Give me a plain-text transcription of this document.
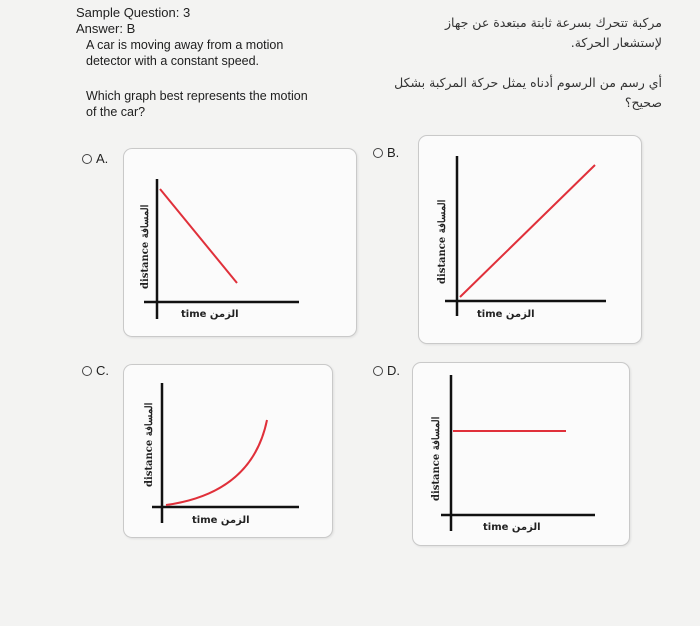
Sample Question: 3
Answer: B
A car is moving away from a motion
detector with a constant speed.
Which graph best represents the motion
of the car?
مركبة تتحرك بسرعة ثابتة مبتعدة عن جهاز
لإستشعار الحركة.
أي رسم من الرسوم أدناه يمثل حركة المركبة بشكل
صحيح؟
A.	B.
C.	D.
distance المسافة
time الزمن
distance المسافة
time الزمن
distance المسافة
time الزمن
distance المسافة
time الزمن
